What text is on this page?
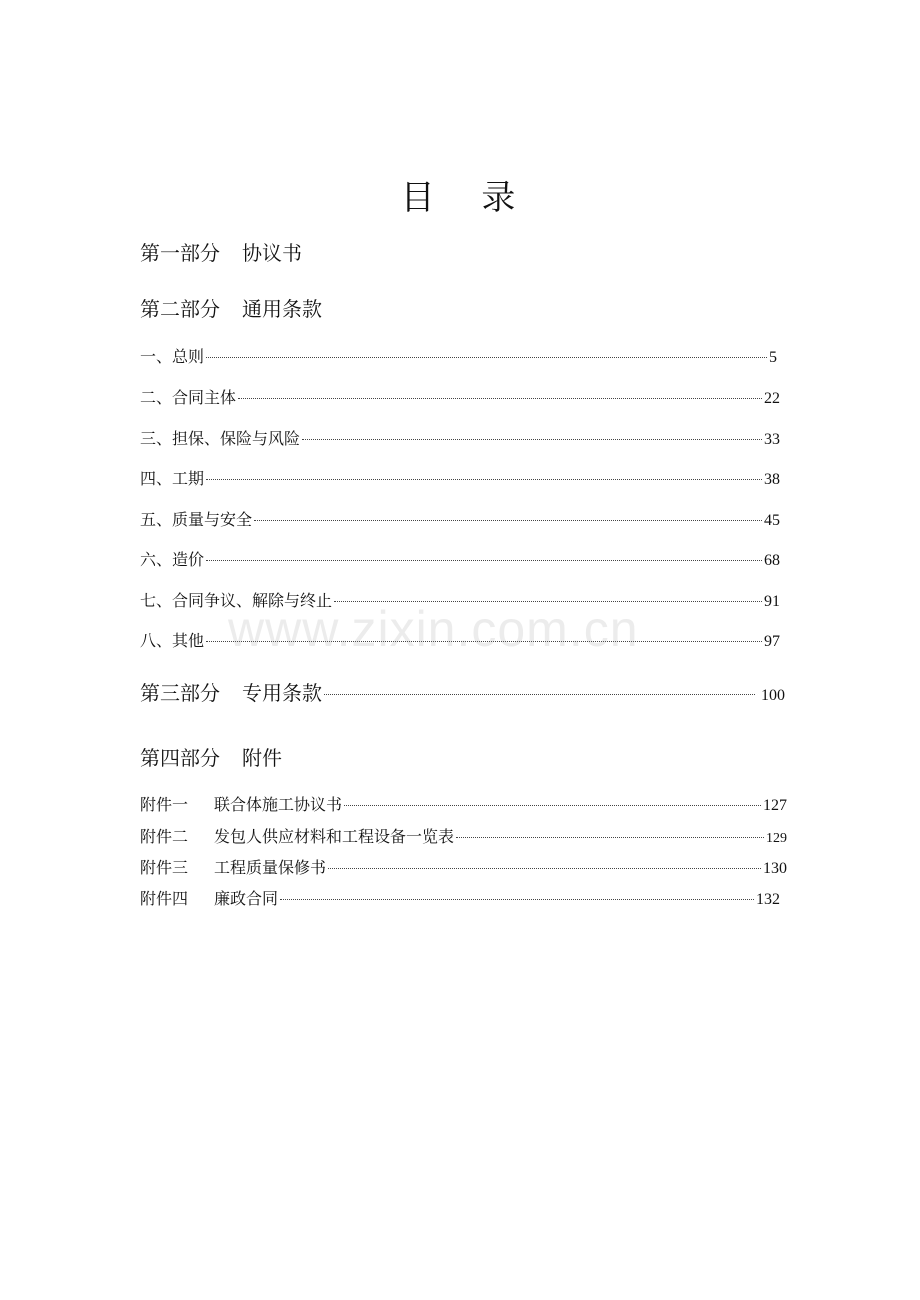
目 录
第一部分 协议书
第二部分 通用条款
一、总则	5
二、合同主体	22
三、担保、保险与风险	33
四、工期	38
五、质量与安全	45
六、造价	68
七、合同争议、解除与终止	91
八、其他	97
第三部分 专用条款	100
第四部分 附件
附件一 联合体施工协议书	127
附件二 发包人供应材料和工程设备一览表	129
附件三 工程质量保修书	130
附件四 廉政合同	132
www.zixin.com.cn
